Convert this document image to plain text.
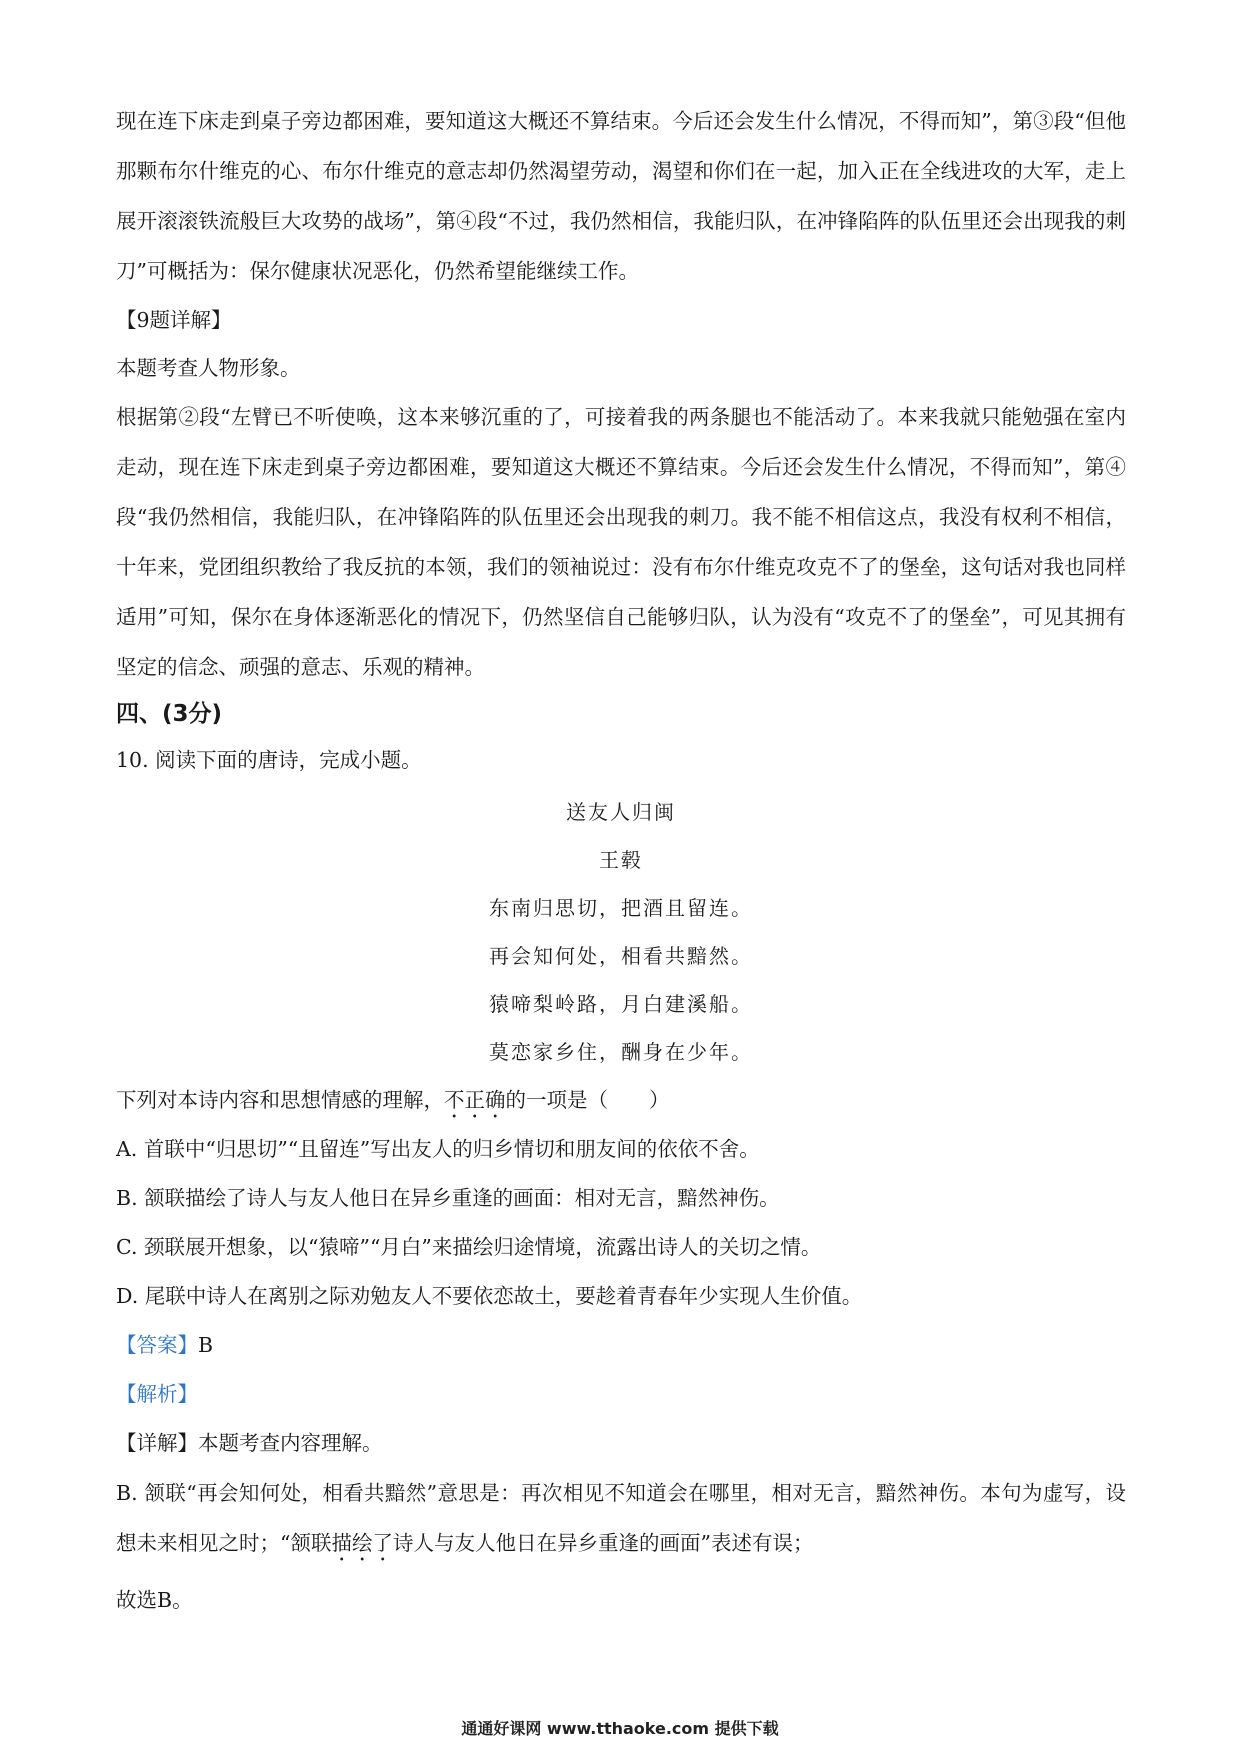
现在连下床走到桌子旁边都困难，要知道这大概还不算结束。今后还会发生什么情况，不得而知”，第③段“但他那颗布尔什维克的心、布尔什维克的意志却仍然渴望劳动，渴望和你们在一起，加入正在全线进攻的大军，走上展开滚滚铁流般巨大攻势的战场”，第④段“不过，我仍然相信，我能归队，在冲锋陷阵的队伍里还会出现我的刺刀”可概括为：保尔健康状况恶化，仍然希望能继续工作。

【9题详解】

本题考查人物形象。

根据第②段“左臂已不听使唤，这本来够沉重的了，可接着我的两条腿也不能活动了。本来我就只能勉强在室内走动，现在连下床走到桌子旁边都困难，要知道这大概还不算结束。今后还会发生什么情况，不得而知”，第④段“我仍然相信，我能归队，在冲锋陷阵的队伍里还会出现我的刺刀。我不能不相信这点，我没有权利不相信，十年来，党团组织教给了我反抗的本领，我们的领袖说过：没有布尔什维克攻克不了的堡垒，这句话对我也同样适用”可知，保尔在身体逐渐恶化的情况下，仍然坚信自己能够归队，认为没有“攻克不了的堡垒”，可见其拥有坚定的信念、顽强的意志、乐观的精神。

四、(3分)

10. 阅读下面的唐诗，完成小题。

送友人归闽

王毂

东南归思切，把酒且留连。

再会知何处，相看共黯然。

猿啼梨岭路，月白建溪船。

莫恋家乡住，酬身在少年。

下列对本诗内容和思想情感的理解，不正确的一项是（　　）

A. 首联中“归思切”“且留连”写出友人的归乡情切和朋友间的依依不舍。

B. 颔联描绘了诗人与友人他日在异乡重逢的画面：相对无言，黯然神伤。

C. 颈联展开想象，以“猿啼”“月白”来描绘归途情境，流露出诗人的关切之情。

D. 尾联中诗人在离别之际劝勉友人不要依恋故土，要趁着青春年少实现人生价值。

【答案】B

【解析】

【详解】本题考查内容理解。

B. 颔联“再会知何处，相看共黯然”意思是：再次相见不知道会在哪里，相对无言，黯然神伤。本句为虚写，设想未来相见之时；“颔联描绘了诗人与友人他日在异乡重逢的画面”表述有误；

故选B。

通通好课网 www.tthaoke.com 提供下载
